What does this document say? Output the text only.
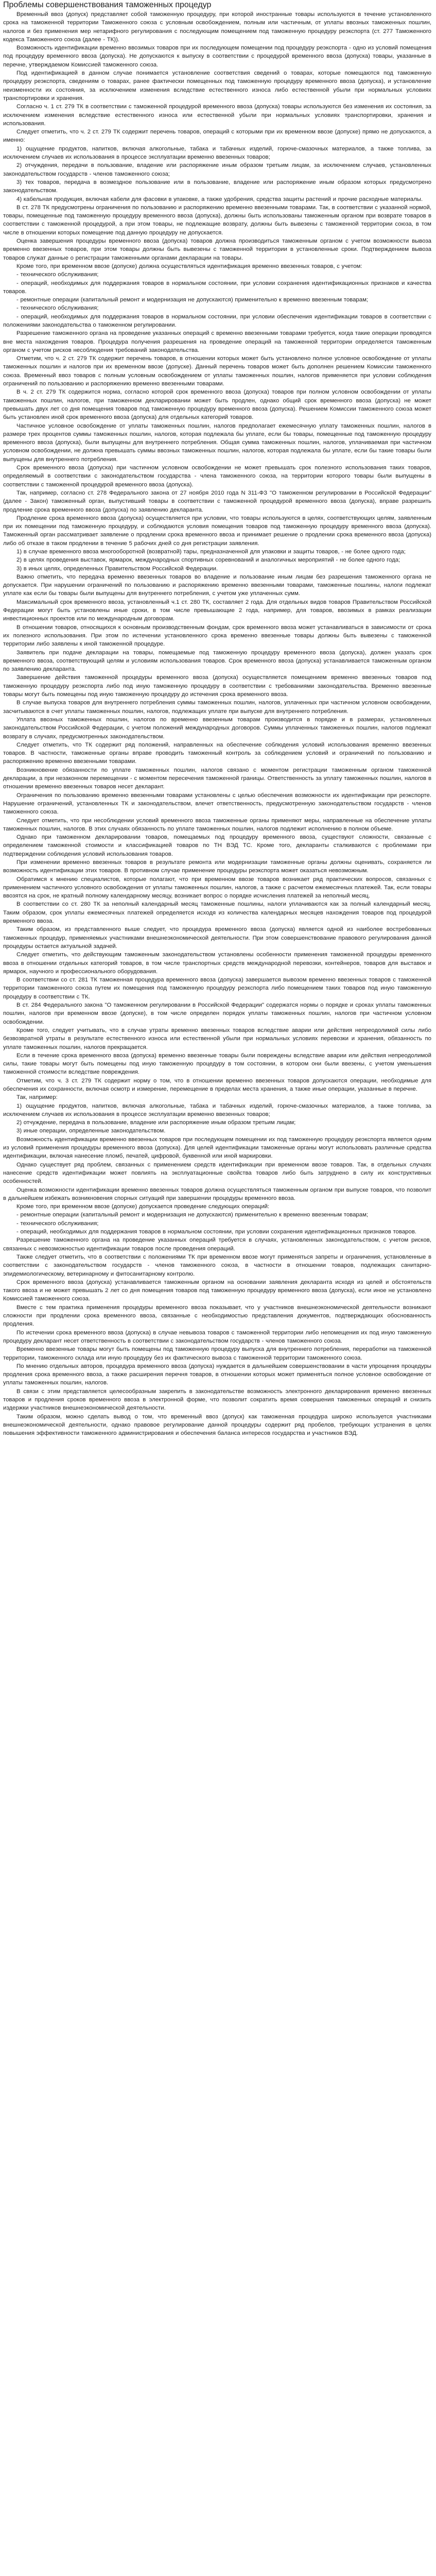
Проблемы совершенствования таможенных процедур

Временный ввоз (допуск) представляет собой таможенную процедуру, при которой иностранные товары используются в течение установленного срока на таможенной территории Таможенного союза с условным освобождением, полным или частичным, от уплаты ввозных таможенных пошлин, налогов и без применения мер нетарифного регулирования с последующим помещением под таможенную процедуру реэкспорта (ст. 277 Таможенного кодекса Таможенного союза (далее - ТК)).

Возможность идентификации временно ввозимых товаров при их последующем помещении под процедуру реэкспорта - одно из условий помещения под процедуру временного ввоза (допуска). Не допускаются к выпуску в соответствии с процедурой временного ввоза (допуска) товары, указанные в перечне, утверждаемом Комиссией таможенного союза.

Под идентификацией в данном случае понимается установление соответствия сведений о товарах, которые помещаются под таможенную процедуру реэкспорта, сведениям о товарах, ранее фактически помещенных под таможенную процедуру временного ввоза (допуска), и установление неизменности их состояния, за исключением изменения вследствие естественного износа либо естественной убыли при нормальных условиях транспортировки и хранения.

Согласно ч. 1 ст. 279 ТК в соответствии с таможенной процедурой временного ввоза (допуска) товары используются без изменения их состояния, за исключением изменения вследствие естественного износа или естественной убыли при нормальных условиях транспортировки, хранения и использования.

Следует отметить, что ч. 2 ст. 279 ТК содержит перечень товаров, операций с которыми при их временном ввозе (допуске) прямо не допускаются, а именно:

1) ощущение продуктов, напитков, включая алкогольные, табака и табачных изделий, горюче-смазочных материалов, а также топлива, за исключением случаев их использования в процессе эксплуатации временно ввезенных товаров;

2) отчуждения, передачи в пользование, владение или распоряжение иным образом третьим лицам, за исключением случаев, установленных законодательством государств - членов таможенного союза;

3) тех товаров, передача в возмездное пользование или в пользование, владение или распоряжение иным образом которых предусмотрено законодательством.

4) кабельная продукция, включая кабели для фасовки в упаковке, а также удобрения, средства защиты растений и прочие расходные материалы.

В ст. 278 ТК предусмотрены ограничения по пользованию и распоряжению временно ввезенными товарами. Так, в соответствии с указанной нормой, товары, помещенные под таможенную процедуру временного ввоза (допуска), должны быть использованы таможенным органом при возврате товаров в соответствии с таможенной процедурой, а при этом товары, не подлежащие возврату, должны быть вывезены с таможенной территории союза, в том числе в отношении которых помещение под данную процедуру не допускается.

Оценка завершения процедуры временного ввоза (допуска) товаров должна производиться таможенным органом с учетом возможности вывоза временно ввезенных товаров, при этом товары должны быть вывезены с таможенной территории в установленные сроки. Подтверждением вывоза товаров служат данные о регистрации таможенными органами декларации на товары.

Кроме того, при временном ввозе (допуске) должна осуществляться идентификация временно ввезенных товаров, с учетом:

- технического обслуживания;

- операций, необходимых для поддержания товаров в нормальном состоянии, при условии сохранения идентификационных признаков и качества товаров.

- ремонтные операции (капитальный ремонт и модернизация не допускаются) применительно к временно ввезенным товарам;

- технического обслуживания;

- операций, необходимых для поддержания товаров в нормальном состоянии, при условии обеспечения идентификации товаров в соответствии с положениями законодательства о таможенном регулировании.

Разрешение таможенного органа на проведение указанных операций с временно ввезенными товарами требуется, когда такие операции проводятся вне места нахождения товаров. Процедура получения разрешения на проведение операций на таможенной территории определяется таможенным органом с учетом рисков несоблюдения требований законодательства.

Отметим, что ч. 2 ст. 279 ТК содержит перечень товаров, в отношении которых может быть установлено полное условное освобождение от уплаты таможенных пошлин и налогов при их временном ввозе (допуске). Данный перечень товаров может быть дополнен решением Комиссии таможенного союза. Временный ввоз товаров с полным условным освобождением от уплаты таможенных пошлин, налогов применяется при условии соблюдения ограничений по пользованию и распоряжению временно ввезенными товарами.

В ч. 2 ст. 279 ТК содержится норма, согласно которой срок временного ввоза (допуска) товаров при полном условном освобождении от уплаты таможенных пошлин, налогов, при таможенном декларировании может быть продлен, однако общий срок временного ввоза (допуска) не может превышать двух лет со дня помещения товаров под таможенную процедуру временного ввоза (допуска). Решением Комиссии таможенного союза может быть установлен иной срок временного ввоза (допуска) для отдельных категорий товаров.

Частичное условное освобождение от уплаты таможенных пошлин, налогов предполагает ежемесячную уплату таможенных пошлин, налогов в размере трех процентов суммы таможенных пошлин, налогов, которая подлежала бы уплате, если бы товары, помещенные под таможенную процедуру временного ввоза (допуска), были выпущены для внутреннего потребления. Общая сумма таможенных пошлин, налогов, уплачиваемая при частичном условном освобождении, не должна превышать суммы ввозных таможенных пошлин, налогов, которая подлежала бы уплате, если бы такие товары были выпущены для внутреннего потребления.

Срок временного ввоза (допуска) при частичном условном освобождении не может превышать срок полезного использования таких товаров, определяемый в соответствии с законодательством государства - члена таможенного союза, на территории которого товары были выпущены в соответствии с таможенной процедурой временного ввоза (допуска).

Так, например, согласно ст. 278 Федерального закона от 27 ноября 2010 года N 311-ФЗ "О таможенном регулировании в Российской Федерации" (далее - Закон) таможенный орган, выпустивший товары в соответствии с таможенной процедурой временного ввоза (допуска), вправе разрешить продление срока временного ввоза (допуска) по заявлению декларанта.

Продление срока временного ввоза (допуска) осуществляется при условии, что товары используются в целях, соответствующих целям, заявленным при их помещении под таможенную процедуру, и соблюдаются условия помещения товаров под таможенную процедуру временного ввоза (допуска). Таможенный орган рассматривает заявление о продлении срока временного ввоза и принимает решение о продлении срока временного ввоза (допуска) либо об отказе в таком продлении в течение 5 рабочих дней со дня регистрации заявления.

1) в случае временного ввоза многооборотной (возвратной) тары, предназначенной для упаковки и защиты товаров, - не более одного года;

2) в целях проведения выставок, ярмарок, международных спортивных соревнований и аналогичных мероприятий - не более одного года;

3) в иных целях, определенных Правительством Российской Федерации.

Важно отметить, что передача временно ввезенных товаров во владение и пользование иным лицам без разрешения таможенного органа не допускается. При нарушении ограничений по пользованию и распоряжению временно ввезенными товарами, таможенные пошлины, налоги подлежат уплате как если бы товары были выпущены для внутреннего потребления, с учетом уже уплаченных сумм.

Максимальный срок временного ввоза, установленный ч.1 ст. 280 ТК, составляет 2 года. Для отдельных видов товаров Правительством Российской Федерации могут быть установлены иные сроки, в том числе превышающие 2 года, например, для товаров, ввозимых в рамках реализации инвестиционных проектов или по международным договорам.

В отношении товаров, относящихся к основным производственным фондам, срок временного ввоза может устанавливаться в зависимости от срока их полезного использования. При этом по истечении установленного срока временно ввезенные товары должны быть вывезены с таможенной территории либо заявлены к иной таможенной процедуре.

Заявитель при подаче декларации на товары, помещаемые под таможенную процедуру временного ввоза (допуска), должен указать срок временного ввоза, соответствующий целям и условиям использования товаров. Срок временного ввоза (допуска) устанавливается таможенным органом по заявлению декларанта.

Завершение действия таможенной процедуры временного ввоза (допуска) осуществляется помещением временно ввезенных товаров под таможенную процедуру реэкспорта либо под иную таможенную процедуру в соответствии с требованиями законодательства. Временно ввезенные товары могут быть помещены под иную таможенную процедуру до истечения срока временного ввоза.

В случае выпуска товаров для внутреннего потребления суммы таможенных пошлин, налогов, уплаченных при частичном условном освобождении, засчитываются в счет уплаты таможенных пошлин, налогов, подлежащих уплате при выпуске для внутреннего потребления.

Уплата ввозных таможенных пошлин, налогов по временно ввезенным товарам производится в порядке и в размерах, установленных законодательством Российской Федерации, с учетом положений международных договоров. Суммы уплаченных таможенных пошлин, налогов подлежат возврату в случаях, предусмотренных законодательством.

Следует отметить, что ТК содержит ряд положений, направленных на обеспечение соблюдения условий использования временно ввезенных товаров. В частности, таможенные органы вправе проводить таможенный контроль за соблюдением условий и ограничений по пользованию и распоряжению временно ввезенными товарами.

Возникновение обязанности по уплате таможенных пошлин, налогов связано с моментом регистрации таможенным органом таможенной декларации, а при незаконном перемещении - с моментом пересечения таможенной границы. Ответственность за уплату таможенных пошлин, налогов в отношении временно ввезенных товаров несет декларант.

Ограничения по пользованию временно ввезенными товарами установлены с целью обеспечения возможности их идентификации при реэкспорте. Нарушение ограничений, установленных ТК и законодательством, влечет ответственность, предусмотренную законодательством государств - членов таможенного союза.

Следует отметить, что при несоблюдении условий временного ввоза таможенные органы применяют меры, направленные на обеспечение уплаты таможенных пошлин, налогов. В этих случаях обязанность по уплате таможенных пошлин, налогов подлежит исполнению в полном объеме.

Однако при таможенном декларировании товаров, помещаемых под процедуру временного ввоза, существуют сложности, связанные с определением таможенной стоимости и классификацией товаров по ТН ВЭД ТС. Кроме того, декларанты сталкиваются с проблемами при подтверждении соблюдения условий использования товаров.

При изменении временно ввезенных товаров в результате ремонта или модернизации таможенные органы должны оценивать, сохраняется ли возможность идентификации этих товаров. В противном случае применение процедуры реэкспорта может оказаться невозможным.

Обратимся к мнению специалистов, которые полагают, что при временном ввозе товаров возникает ряд практических вопросов, связанных с применением частичного условного освобождения от уплаты таможенных пошлин, налогов, а также с расчетом ежемесячных платежей. Так, если товары ввозятся на срок, не кратный полному календарному месяцу, возникает вопрос о порядке исчисления платежей за неполный месяц.

В соответствии со ст. 280 ТК за неполный календарный месяц таможенные пошлины, налоги уплачиваются как за полный календарный месяц. Таким образом, срок уплаты ежемесячных платежей определяется исходя из количества календарных месяцев нахождения товаров под процедурой временного ввоза.

Таким образом, из представленного выше следует, что процедура временного ввоза (допуска) является одной из наиболее востребованных таможенных процедур, применяемых участниками внешнеэкономической деятельности. При этом совершенствование правового регулирования данной процедуры остается актуальной задачей.

Следует отметить, что действующим таможенным законодательством установлены особенности применения таможенной процедуры временного ввоза в отношении отдельных категорий товаров, в том числе транспортных средств международной перевозки, контейнеров, товаров для выставок и ярмарок, научного и профессионального оборудования.

В соответствии со ст. 281 ТК таможенная процедура временного ввоза (допуска) завершается вывозом временно ввезенных товаров с таможенной территории таможенного союза путем их помещения под таможенную процедуру реэкспорта либо помещением таких товаров под иную таможенную процедуру в соответствии с ТК.

В ст. 284 Федерального закона "О таможенном регулировании в Российской Федерации" содержатся нормы о порядке и сроках уплаты таможенных пошлин, налогов при временном ввозе (допуске), в том числе определен порядок уплаты таможенных пошлин, налогов при частичном условном освобождении.

Кроме того, следует учитывать, что в случае утраты временно ввезенных товаров вследствие аварии или действия непреодолимой силы либо безвозвратной утраты в результате естественного износа или естественной убыли при нормальных условиях перевозки и хранения, обязанность по уплате таможенных пошлин, налогов прекращается.

Если в течение срока временного ввоза (допуска) временно ввезенные товары были повреждены вследствие аварии или действия непреодолимой силы, такие товары могут быть помещены под иную таможенную процедуру в том состоянии, в котором они были ввезены, с учетом уменьшения таможенной стоимости вследствие повреждения.

Отметим, что ч. 3 ст. 279 ТК содержит норму о том, что в отношении временно ввезенных товаров допускаются операции, необходимые для обеспечения их сохранности, включая осмотр и измерение, перемещение в пределах места хранения, а также иные операции, указанные в перечне.

Так, например:

1) ощущение продуктов, напитков, включая алкогольные, табака и табачных изделий, горюче-смазочных материалов, а также топлива, за исключением случаев их использования в процессе эксплуатации временно ввезенных товаров;

2) отчуждение, передача в пользование, владение или распоряжение иным образом третьим лицам;

3) иные операции, определенные законодательством.

Возможность идентификации временно ввезенных товаров при последующем помещении их под таможенную процедуру реэкспорта является одним из условий применения процедуры временного ввоза (допуска). Для целей идентификации таможенные органы могут использовать различные средства идентификации, включая нанесение пломб, печатей, цифровой, буквенной или иной маркировки.

Однако существует ряд проблем, связанных с применением средств идентификации при временном ввозе товаров. Так, в отдельных случаях нанесение средств идентификации может повлиять на эксплуатационные свойства товаров либо быть затруднено в силу их конструктивных особенностей.

Оценка возможности идентификации временно ввезенных товаров должна осуществляться таможенным органом при выпуске товаров, что позволит в дальнейшем избежать возникновения спорных ситуаций при завершении процедуры временного ввоза.

Кроме того, при временном ввозе (допуске) допускается проведение следующих операций:

- ремонтные операции (капитальный ремонт и модернизация не допускаются) применительно к временно ввезенным товарам;

- технического обслуживания;

- операций, необходимых для поддержания товаров в нормальном состоянии, при условии сохранения идентификационных признаков товаров.

Разрешение таможенного органа на проведение указанных операций требуется в случаях, установленных законодательством, с учетом рисков, связанных с невозможностью идентификации товаров после проведения операций.

Также следует отметить, что в соответствии с положениями ТК при временном ввозе могут применяться запреты и ограничения, установленные в соответствии с законодательством государств - членов таможенного союза, в частности в отношении товаров, подлежащих санитарно-эпидемиологическому, ветеринарному и фитосанитарному контролю.

Срок временного ввоза (допуска) устанавливается таможенным органом на основании заявления декларанта исходя из целей и обстоятельств такого ввоза и не может превышать 2 лет со дня помещения товаров под таможенную процедуру временного ввоза (допуска), если иное не установлено Комиссией таможенного союза.

Вместе с тем практика применения процедуры временного ввоза показывает, что у участников внешнеэкономической деятельности возникают сложности при продлении срока временного ввоза, связанные с необходимостью представления документов, подтверждающих обоснованность продления.

По истечении срока временного ввоза (допуска) в случае невывоза товаров с таможенной территории либо непомещения их под иную таможенную процедуру декларант несет ответственность в соответствии с законодательством государств - членов таможенного союза.

Временно ввезенные товары могут быть помещены под таможенную процедуру выпуска для внутреннего потребления, переработки на таможенной территории, таможенного склада или иную процедуру без их фактического вывоза с таможенной территории таможенного союза.

По мнению отдельных авторов, процедура временного ввоза (допуска) нуждается в дальнейшем совершенствовании в части упрощения процедуры продления срока временного ввоза, а также расширения перечня товаров, в отношении которых может применяться полное условное освобождение от уплаты таможенных пошлин, налогов.

В связи с этим представляется целесообразным закрепить в законодательстве возможность электронного декларирования временно ввезенных товаров и продления сроков временного ввоза в электронной форме, что позволит сократить время совершения таможенных операций и снизить издержки участников внешнеэкономической деятельности.

Таким образом, можно сделать вывод о том, что временный ввоз (допуск) как таможенная процедура широко используется участниками внешнеэкономической деятельности, однако правовое регулирование данной процедуры содержит ряд пробелов, требующих устранения в целях повышения эффективности таможенного администрирования и обеспечения баланса интересов государства и участников ВЭД.
